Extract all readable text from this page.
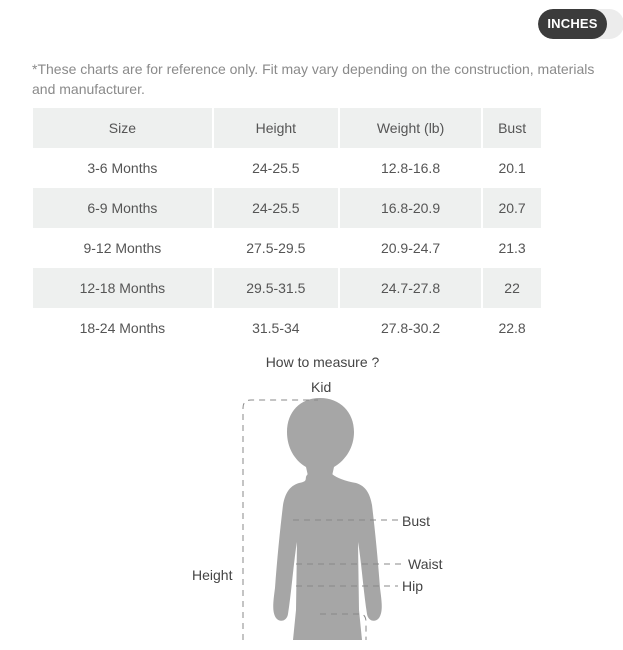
INCHES
*These charts are for reference only. Fit may vary depending on the construction, materials and manufacturer.
Size	Height	Weight (lb)	Bust
3-6 Months	24-25.5	12.8-16.8	20.1
6-9 Months	24-25.5	16.8-20.9	20.7
9-12 Months	27.5-29.5	20.9-24.7	21.3
12-18 Months	29.5-31.5	24.7-27.8	22
18-24 Months	31.5-34	27.8-30.2	22.8
How to measure ?
Kid
Height
Bust
Waist
Hip
